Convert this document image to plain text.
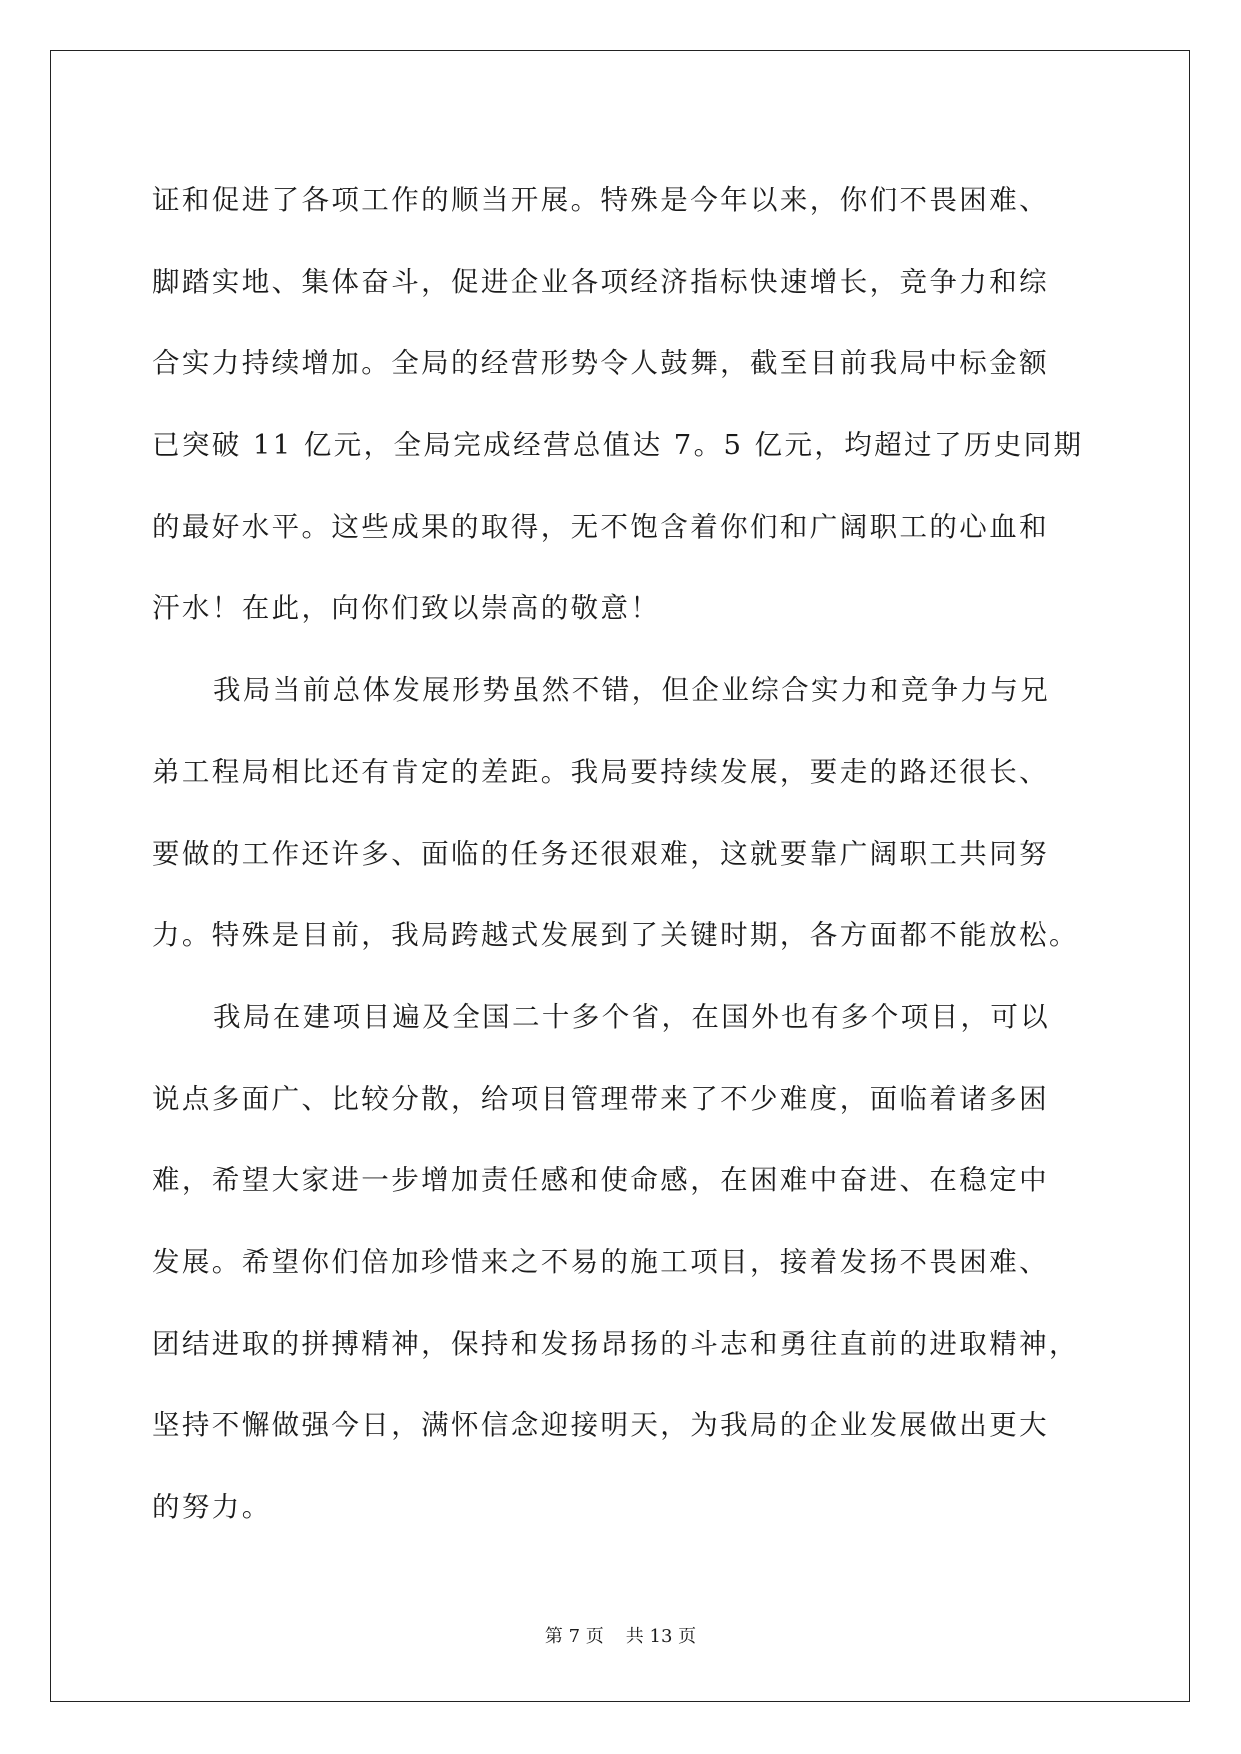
证和促进了各项工作的顺当开展。特殊是今年以来，你们不畏困难、
脚踏实地、集体奋斗，促进企业各项经济指标快速增长，竞争力和综
合实力持续增加。全局的经营形势令人鼓舞，截至目前我局中标金额
已突破 11 亿元，全局完成经营总值达 7。5 亿元，均超过了历史同期
的最好水平。这些成果的取得，无不饱含着你们和广阔职工的心血和
汗水！在此，向你们致以崇高的敬意！
我局当前总体发展形势虽然不错，但企业综合实力和竞争力与兄
弟工程局相比还有肯定的差距。我局要持续发展，要走的路还很长、
要做的工作还许多、面临的任务还很艰难，这就要靠广阔职工共同努
力。特殊是目前，我局跨越式发展到了关键时期，各方面都不能放松。
我局在建项目遍及全国二十多个省，在国外也有多个项目，可以
说点多面广、比较分散，给项目管理带来了不少难度，面临着诸多困
难，希望大家进一步增加责任感和使命感，在困难中奋进、在稳定中
发展。希望你们倍加珍惜来之不易的施工项目，接着发扬不畏困难、
团结进取的拼搏精神，保持和发扬昂扬的斗志和勇往直前的进取精神，
坚持不懈做强今日，满怀信念迎接明天，为我局的企业发展做出更大
的努力。
第 7 页 共 13 页
